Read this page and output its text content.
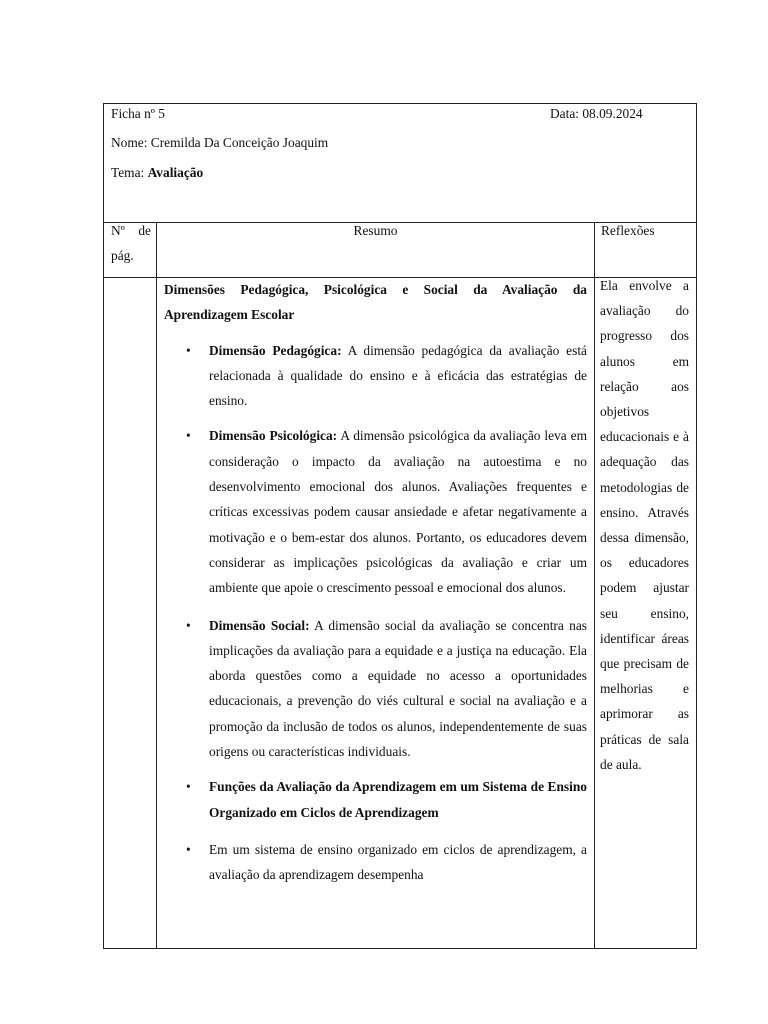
Ficha nº 5	Data: 08.09.2024
Nome: Cremilda Da Conceição Joaquim
Tema: Avaliação
Nº de pág.
Resumo	Reflexões
Dimensões Pedagógica, Psicológica e Social da Avaliação da Aprendizagem Escolar
• Dimensão Pedagógica: A dimensão pedagógica da avaliação está relacionada à qualidade do ensino e à eficácia das estratégias de ensino.
• Dimensão Psicológica: A dimensão psicológica da avaliação leva em consideração o impacto da avaliação na autoestima e no desenvolvimento emocional dos alunos. Avaliações frequentes e críticas excessivas podem causar ansiedade e afetar negativamente a motivação e o bem-estar dos alunos. Portanto, os educadores devem considerar as implicações psicológicas da avaliação e criar um ambiente que apoie o crescimento pessoal e emocional dos alunos.
• Dimensão Social: A dimensão social da avaliação se concentra nas implicações da avaliação para a equidade e a justiça na educação. Ela aborda questões como a equidade no acesso a oportunidades educacionais, a prevenção do viés cultural e social na avaliação e a promoção da inclusão de todos os alunos, independentemente de suas origens ou características individuais.
• Funções da Avaliação da Aprendizagem em um Sistema de Ensino Organizado em Ciclos de Aprendizagem
• Em um sistema de ensino organizado em ciclos de aprendizagem, a avaliação da aprendizagem desempenha
Ela envolve a avaliação do progresso dos alunos em relação aos objetivos educacionais e à adequação das metodologias de ensino. Através dessa dimensão, os educadores podem ajustar seu ensino, identificar áreas que precisam de melhorias e aprimorar as práticas de sala de aula.
